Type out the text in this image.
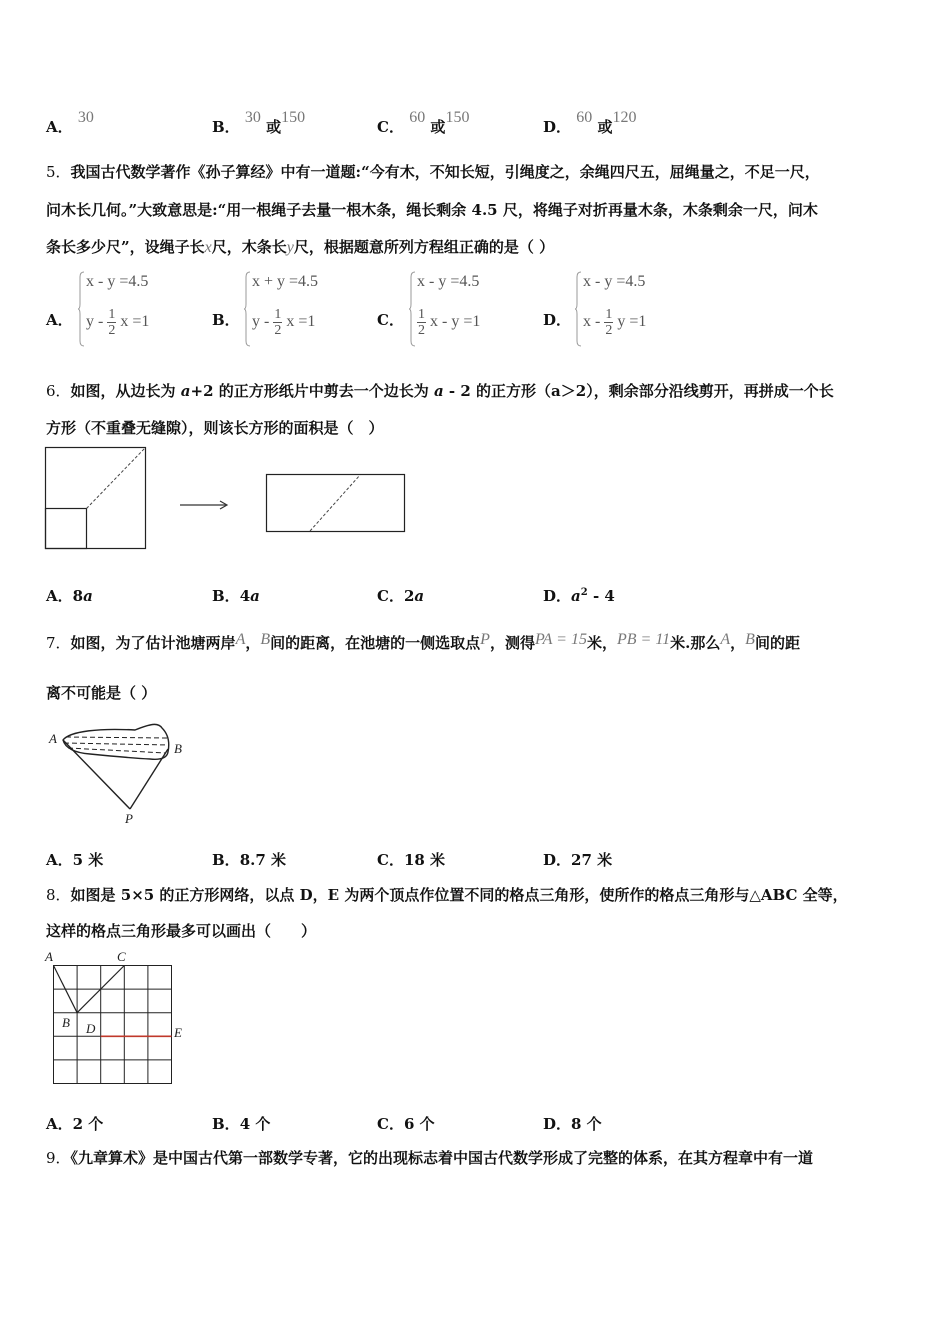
A． 30
B． 30 或150
C． 60 或150
D． 60 或120
5．我国古代数学著作《孙子算经》中有一道题:“今有木，不知长短，引绳度之，余绳四尺五，屈绳量之，不足一尺，
问木长几何。”大致意思是:“用一根绳子去量一根木条，绳长剩余 4.5 尺，将绳子对折再量木条，木条剩余一尺，问木
条长多少尺”，设绳子长x尺，木条长y尺，根据题意所列方程组正确的是（ ）
A．
x - y =4.5
y - $\frac{1}{2}$ x =1	B．
x + y =4.5
y - $\frac{1}{2}$ x =1	C．
x - y =4.5
$\frac{1}{2}$ x - y =1	D．
x - y =4.5
x - $\frac{1}{2}$ y =1
6．如图，从边长为 a+2 的正方形纸片中剪去一个边长为 a - 2 的正方形（a＞2），剩余部分沿线剪开，再拼成一个长
方形（不重叠无缝隙），则该长方形的面积是（　）
A．8a	B．4a	C．2a	D．$a^2 - 4$
7．如图，为了估计池塘两岸A，B间的距离，在池塘的一侧选取点P，测得PA = 15米，PB = 11米.那么A，B间的距
离不可能是（ ）
A
B
P
A．5 米	B．8.7 米	C．18 米	D．27 米
8．如图是 5×5 的正方形网络，以点 D，E 为两个顶点作位置不同的格点三角形，使所作的格点三角形与△ABC 全等，
这样的格点三角形最多可以画出（　　）
A	C
B D	E
A．2 个	B．4 个	C．6 个	D．8 个
9．《九章算术》是中国古代第一部数学专著，它的出现标志着中国古代数学形成了完整的体系，在其方程章中有一道
